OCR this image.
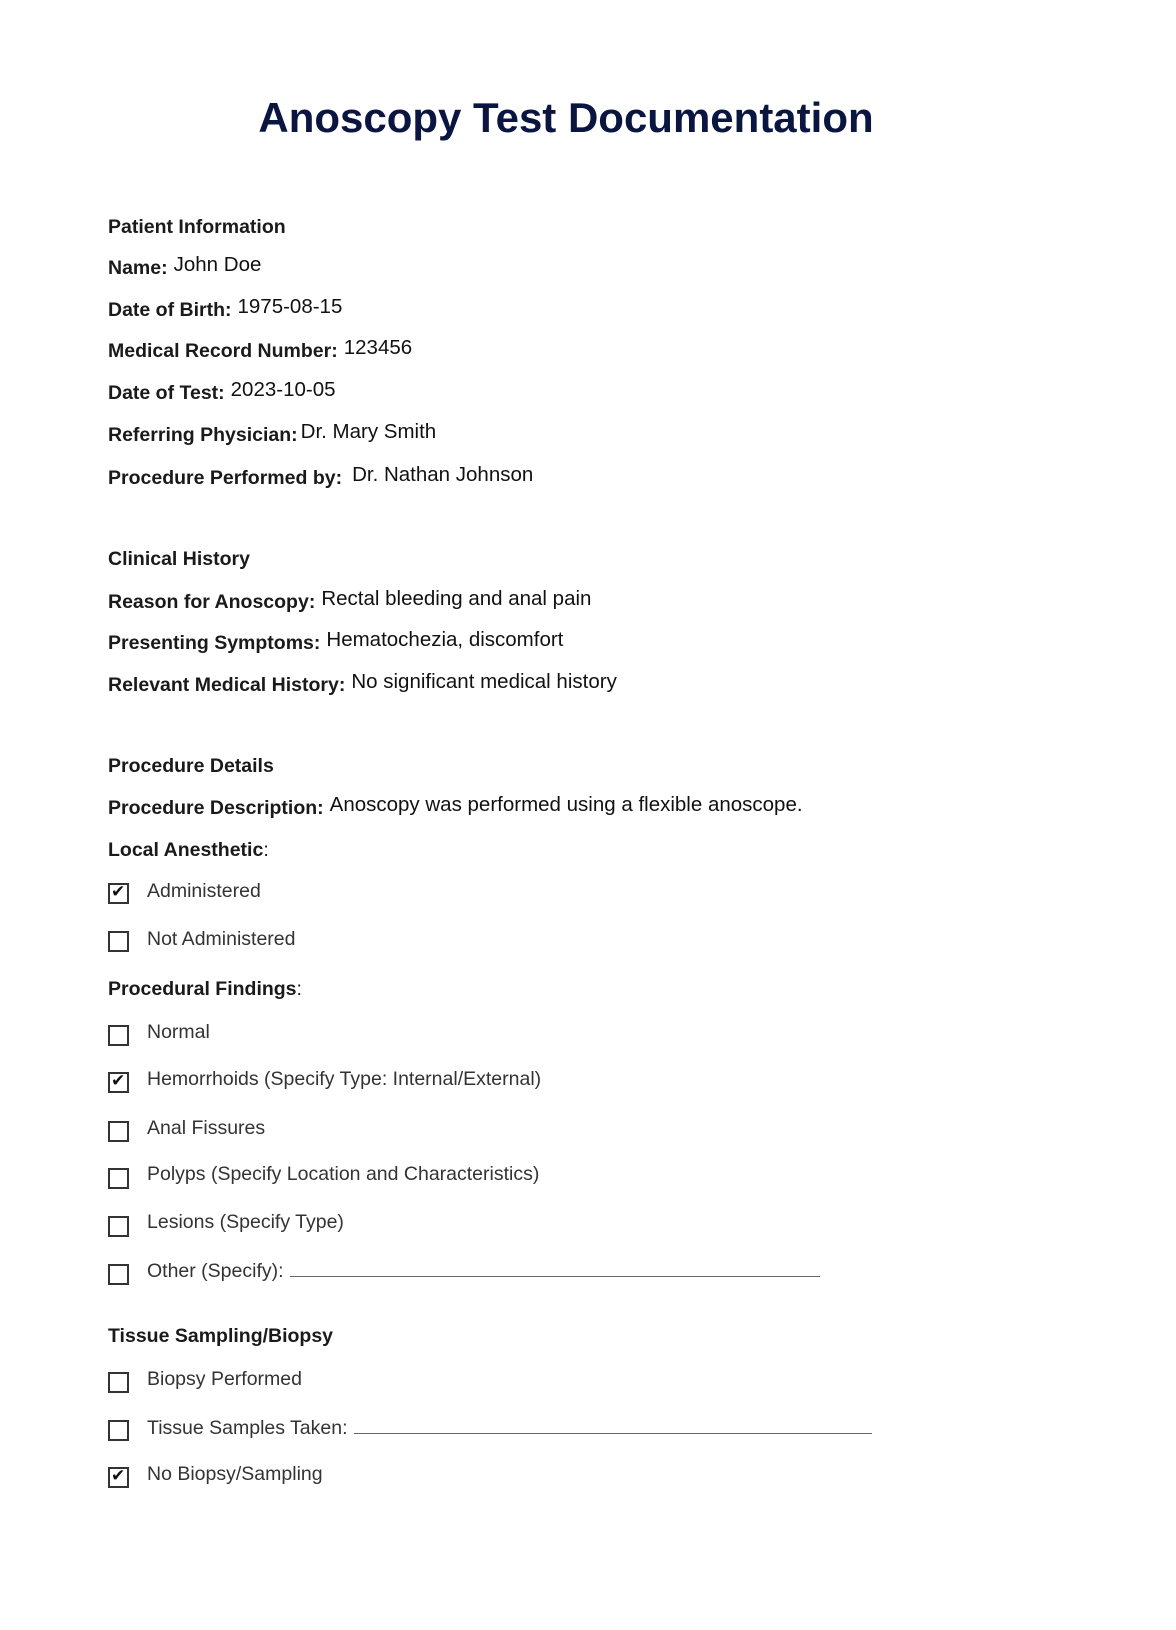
Anoscopy Test Documentation
Patient Information
Name: John Doe
Date of Birth: 1975-08-15
Medical Record Number: 123456
Date of Test: 2023-10-05
Referring Physician: Dr. Mary Smith
Procedure Performed by: Dr. Nathan Johnson
Clinical History
Reason for Anoscopy: Rectal bleeding and anal pain
Presenting Symptoms: Hematochezia, discomfort
Relevant Medical History: No significant medical history
Procedure Details
Procedure Description: Anoscopy was performed using a flexible anoscope.
Local Anesthetic:
✔
Administered
Not Administered
Procedural Findings:
Normal
✔
Hemorrhoids (Specify Type: Internal/External)
Anal Fissures
Polyps (Specify Location and Characteristics)
Lesions (Specify Type)
Other (Specify):
Tissue Sampling/Biopsy
Biopsy Performed
Tissue Samples Taken:
✔
No Biopsy/Sampling
